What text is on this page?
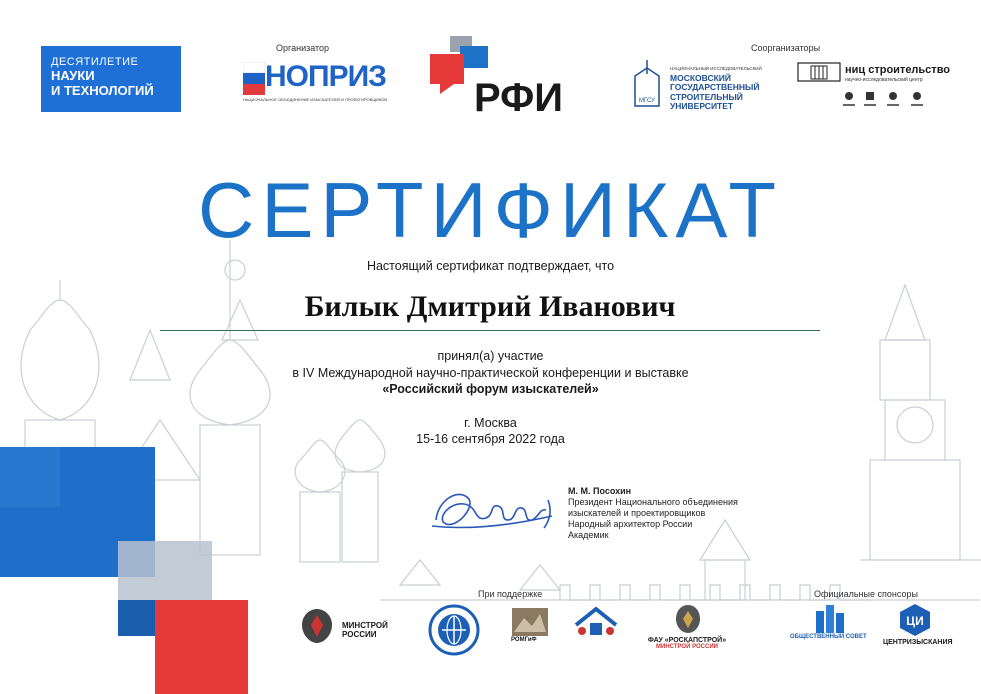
ДЕСЯТИЛЕТИЕ
НАУКИ
И ТЕХНОЛОГИЙ
Организатор
НОПРИЗ
НАЦИОНАЛЬНОЕ ОБЪЕДИНЕНИЕ ИЗЫСКАТЕЛЕЙ И ПРОЕКТИРОВЩИКОВ РФИ
Соорганизаторы
МГСУ
НАЦИОНАЛЬНЫЙ ИССЛЕДОВАТЕЛЬСКИЙ
МОСКОВСКИЙ
ГОСУДАРСТВЕННЫЙ
СТРОИТЕЛЬНЫЙ
УНИВЕРСИТЕТ
ниц строительство
научно-исследовательский центр
СЕРТИФИКАТ
Настоящий сертификат подтверждает, что
Билык Дмитрий Иванович
принял(а) участие
в IV Международной научно-практической конференции и выставке
«Российский форум изыскателей»
г. Москва
15-16 сентября 2022 года
М. М. Посохин
Президент Национального объединения
изыскателей и проектировщиков
Народный архитектор России
Академик
При поддержке
МИНСТРОЙ
РОССИИ
РОМГиФ	ФАУ «РОСКАПСТРОЙ»
МИНСТРОЙ РОССИИ
Официальные спонсоры
ОБЩЕСТВЕННЫЙ СОВЕТ
ЦИ
ЦЕНТРИЗЫСКАНИЯ
